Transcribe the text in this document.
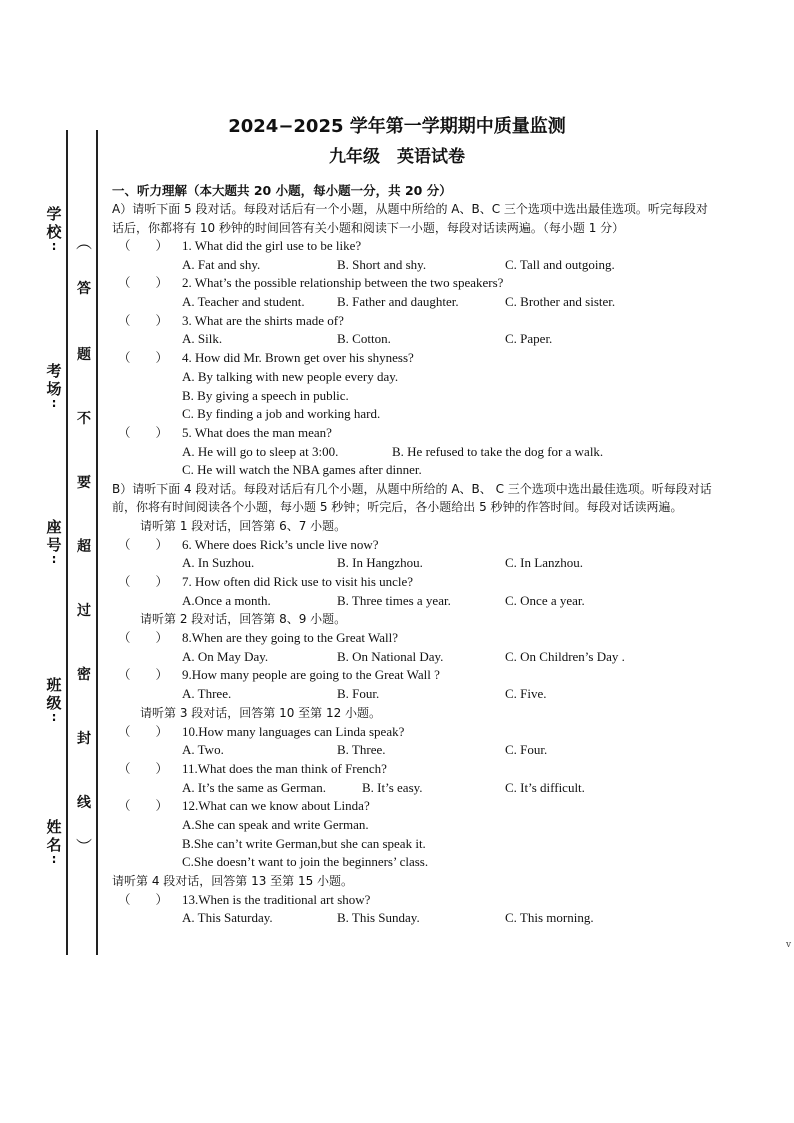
学
校
:
考
场
:
座
号
:
班
级
:
姓
名
:
︵
答
题
不
要
超
过
密
封
线
︶
2024−2025 学年第一学期期中质量监测
九年级　英语试卷
一、听力理解（本大题共 20 小题，每小题一分，共 20 分）
A）请听下面 5 段对话。每段对话后有一个小题，从题中所给的 A、B、C 三个选项中选出最佳选项。听完每段对话后，你都将有 10 秒钟的时间回答有关小题和阅读下一小题，每段对话读两遍。（每小题 1 分）
（　　）	1. What did the girl use to be like?
A. Fat and shy.	B. Short and shy.	C. Tall and outgoing.
（　　）	2. What’s the possible relationship between the two speakers?
A. Teacher and student.	B. Father and daughter.	C. Brother and sister.
（　　）	3. What are the shirts made of?
A. Silk.	B. Cotton.	C. Paper.
（　　）	4. How did Mr. Brown get over his shyness?
A. By talking with new people every day.
B. By giving a speech in public.
C. By finding a job and working hard.
（　　）	5. What does the man mean?
A. He will go to sleep at 3:00.	B. He refused to take the dog for a walk.
C. He will watch the NBA games after dinner.
B）请听下面 4 段对话。每段对话后有几个小题，从题中所给的 A、B、 C 三个选项中选出最佳选项。听每段对话前，你将有时间阅读各个小题，每小题 5 秒钟；听完后，各小题给出 5 秒钟的作答时间。每段对话读两遍。
请听第 1 段对话，回答第 6、7 小题。
（　　）	6. Where does Rick’s uncle live now?
A. In Suzhou.	B. In Hangzhou.	C. In Lanzhou.
（　　）	7. How often did Rick use to visit his uncle?
A.Once a month.	B. Three times a year.	C. Once a year.
请听第 2 段对话，回答第 8、9 小题。
（　　）	8.When are they going to the Great Wall?
A. On May Day.	B. On National Day.	C. On Children’s Day .
（　　）	9.How many people are going to the Great Wall ?
A. Three.	B. Four.	C. Five.
请听第 3 段对话，回答第 10 至第 12 小题。
（　　）	10.How many languages can Linda speak?
A. Two.	B. Three.	C. Four.
（　　）	11.What does the man think of French?
A. It’s the same as German.	B. It’s easy.	C. It’s difficult.
（　　）	12.What can we know about Linda?
A.She can speak and write German.
B.She can’t write German,but she can speak it.
C.She doesn’t want to join the beginners’ class.
请听第 4 段对话，回答第 13 至第 15 小题。
（　　）	13.When is the traditional art show?
A. This Saturday.	B. This Sunday.	C. This morning.
v
